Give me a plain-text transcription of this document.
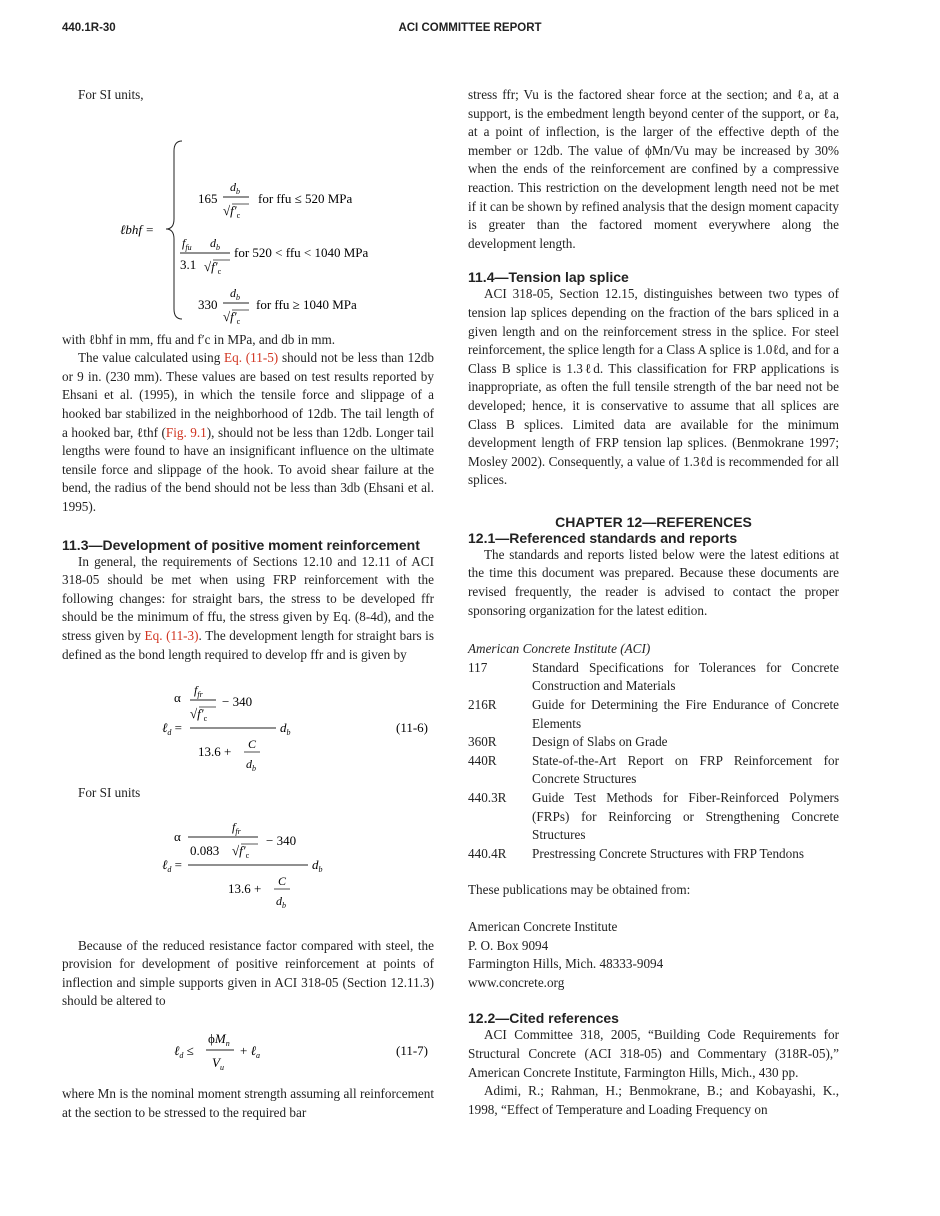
440.1R-30	ACI COMMITTEE REPORT

For SI units,

ℓbhf =
165
$d_b$
$√f'_c$
for ffu ≤ 520 MPa
$f_{fu}$ $d_b$
3.1 $√f'_c$
for 520 < ffu < 1040 MPa
330
$d_b$
$√f'_c$
for ffu ≥ 1040 MPa

with ℓbhf in mm, ffu and f′c in MPa, and db in mm.

The value calculated using Eq. (11-5) should not be less than 12db or 9 in. (230 mm). These values are based on test results reported by Ehsani et al. (1995), in which the tensile force and slippage of a hooked bar stabilized in the neighborhood of 12db. The tail length of a hooked bar, ℓthf (Fig. 9.1), should not be less than 12db. Longer tail lengths were found to have an insignificant influence on the ultimate tensile force and slippage of the hook. To avoid shear failure at the bend, the radius of the bend should not be less than 3db (Ehsani et al. 1995).

11.3—Development of positive moment reinforcement

In general, the requirements of Sections 12.10 and 12.11 of ACI 318-05 should be met when using FRP reinforcement with the following changes: for straight bars, the stress to be developed ffr should be the minimum of ffu, the stress given by Eq. (8-4d), and the stress given by Eq. (11-3). The development length for straight bars is defined as the bond length required to develop ffr and is given by

α $f_{fr}$
$√f'_c$
− 340
ℓ$_d$ =	$d_b$
13.6 + C
$d_b$
(11-6)

For SI units

α
$f_{fr}$
0.083 $√f'_c$
− 340
ℓ$_d$ =	$d_b$
13.6 + C
$d_b$

Because of the reduced resistance factor compared with steel, the provision for development of positive reinforcement at points of inflection and simple supports given in ACI 318-05 (Section 12.11.3) should be altered to

ℓ$_d$ ≤
$\phi M_n$
$V_u$
+ ℓ$_a$	(11-7)

where Mn is the nominal moment strength assuming all reinforcement at the section to be stressed to the required bar

stress ffr; Vu is the factored shear force at the section; and ℓa, at a support, is the embedment length beyond center of the support, or ℓa, at a point of inflection, is the larger of the effective depth of the member or 12db. The value of ϕMn/Vu may be increased by 30% when the ends of the reinforcement are confined by a compressive reaction. This restriction on the development length need not be met if it can be shown by refined analysis that the design moment capacity is greater than the factored moment everywhere along the development length.

11.4—Tension lap splice

ACI 318-05, Section 12.15, distinguishes between two types of tension lap splices depending on the fraction of the bars spliced in a given length and on the reinforcement stress in the splice. For steel reinforcement, the splice length for a Class A splice is 1.0ℓd, and for a Class B splice is 1.3ℓd. This classification for FRP applications is inappropriate, as often the full tensile strength of the bar need not be developed; hence, it is conservative to assume that all splices are Class B splices. Limited data are available for the minimum development length of FRP tension lap splices. (Benmokrane 1997; Mosley 2002). Consequently, a value of 1.3ℓd is recommended for all splices.

CHAPTER 12—REFERENCES
12.1—Referenced standards and reports

The standards and reports listed below were the latest editions at the time this document was prepared. Because these documents are revised frequently, the reader is advised to contact the proper sponsoring organization for the latest edition.

American Concrete Institute (ACI)

117	Standard Specifications for Tolerances for Concrete Construction and Materials
216R	Guide for Determining the Fire Endurance of Concrete Elements
360R	Design of Slabs on Grade
440R	State-of-the-Art Report on FRP Reinforcement for Concrete Structures
440.3R	Guide Test Methods for Fiber-Reinforced Polymers (FRPs) for Reinforcing or Strengthening Concrete Structures
440.4R	Prestressing Concrete Structures with FRP Tendons

These publications may be obtained from:

American Concrete Institute

P. O. Box 9094

Farmington Hills, Mich. 48333-9094

www.concrete.org

12.2—Cited references

ACI Committee 318, 2005, “Building Code Requirements for Structural Concrete (ACI 318-05) and Commentary (318R-05),” American Concrete Institute, Farmington Hills, Mich., 430 pp.

Adimi, R.; Rahman, H.; Benmokrane, B.; and Kobayashi, K., 1998, “Effect of Temperature and Loading Frequency on
